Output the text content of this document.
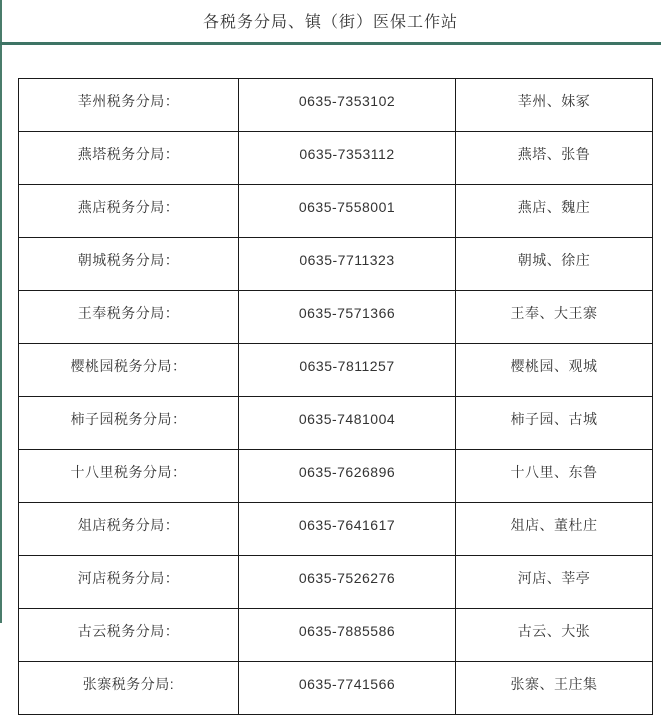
各税务分局、镇（街）医保工作站
莘州税务分局：	0635-7353102	莘州、妹冢
燕塔税务分局：	0635-7353112	燕塔、张鲁
燕店税务分局：	0635-7558001	燕店、魏庄
朝城税务分局：	0635-7711323	朝城、徐庄
王奉税务分局：	0635-7571366	王奉、大王寨
樱桃园税务分局：	0635-7811257	樱桃园、观城
柿子园税务分局：	0635-7481004	柿子园、古城
十八里税务分局：	0635-7626896	十八里、东鲁
俎店税务分局：	0635-7641617	俎店、董杜庄
河店税务分局：	0635-7526276	河店、莘亭
古云税务分局：	0635-7885586	古云、大张
张寨税务分局:	0635-7741566	张寨、王庄集
